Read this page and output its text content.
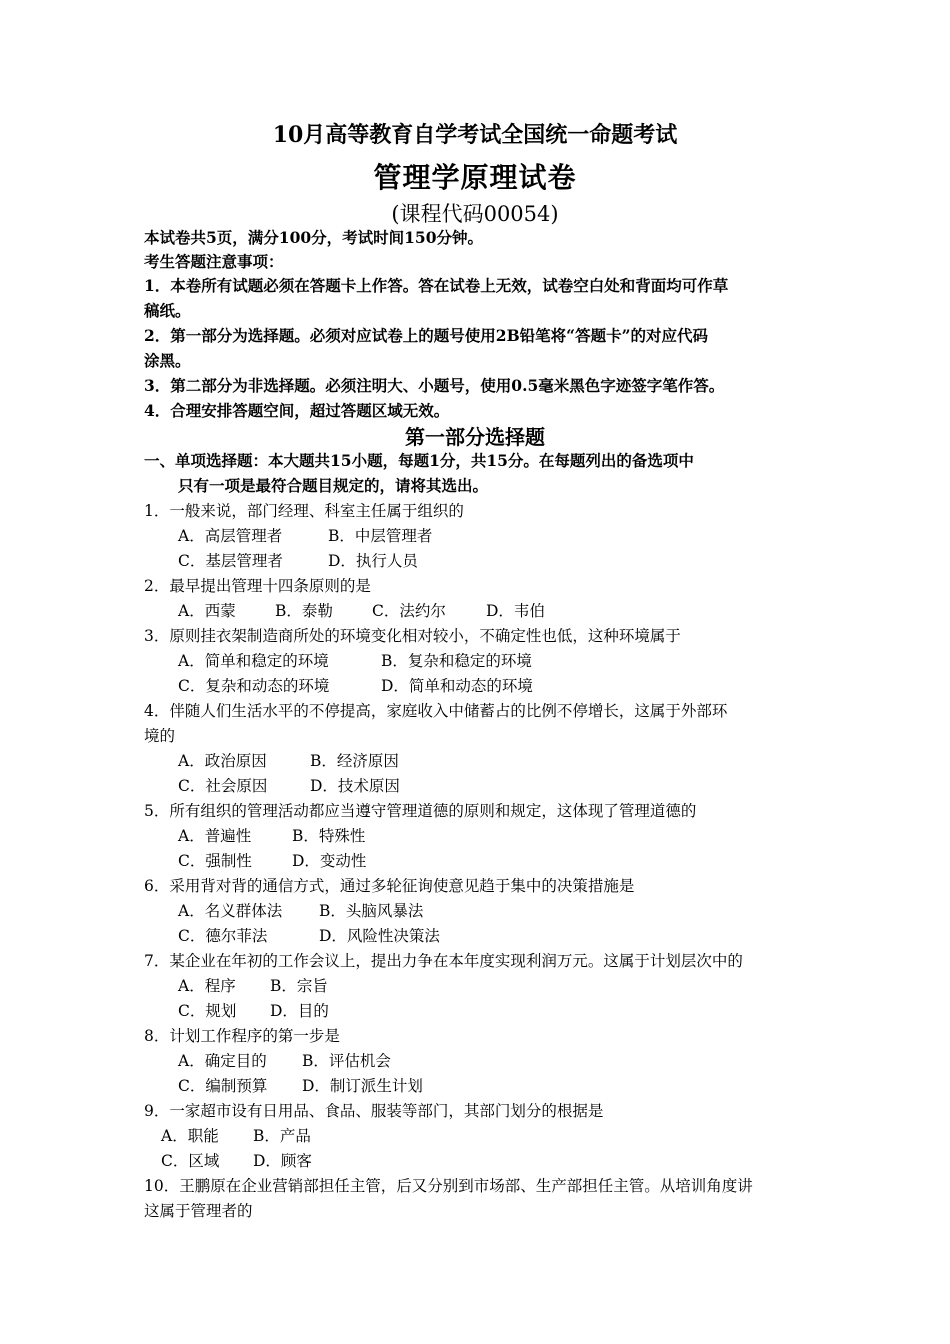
10月高等教育自学考试全国统一命题考试
管理学原理试卷
(课程代码00054)
本试卷共5页，满分100分，考试时间150分钟。
考生答题注意事项：
1．本卷所有试题必须在答题卡上作答。答在试卷上无效，试卷空白处和背面均可作草
稿纸。
2．第一部分为选择题。必须对应试卷上的题号使用2B铅笔将“答题卡”的对应代码
涂黑。
3．第二部分为非选择题。必须注明大、小题号，使用0.5毫米黑色字迹签字笔作答。
4．合理安排答题空间，超过答题区域无效。
第一部分选择题
一、单项选择题：本大题共15小题，每题1分，共15分。在每题列出的备选项中
只有一项是最符合题目规定的，请将其选出。
1．一般来说，部门经理、科室主任属于组织的
A．高层管理者	B．中层管理者
C．基层管理者	D．执行人员
2．最早提出管理十四条原则的是
A．西蒙	B．泰勒	C．法约尔	D．韦伯
3．原则挂衣架制造商所处的环境变化相对较小，不确定性也低，这种环境属于
A．简单和稳定的环境	B．复杂和稳定的环境
C．复杂和动态的环境	D．简单和动态的环境
4．伴随人们生活水平的不停提高，家庭收入中储蓄占的比例不停增长，这属于外部环
境的
A．政治原因	B．经济原因
C．社会原因	D．技术原因
5．所有组织的管理活动都应当遵守管理道德的原则和规定，这体现了管理道德的
A．普遍性	B．特殊性
C．强制性	D．变动性
6．采用背对背的通信方式，通过多轮征询使意见趋于集中的决策措施是
A．名义群体法 B．头脑风暴法
C．德尔菲法	D．风险性决策法
7．某企业在年初的工作会议上，提出力争在本年度实现利润万元。这属于计划层次中的
A．程序 B．宗旨
C．规划 D．目的
8．计划工作程序的第一步是
A．确定目的 B．评估机会
C．编制预算 D．制订派生计划
9．一家超市设有日用品、食品、服装等部门，其部门划分的根据是
A．职能 B．产品
C．区域 D．顾客
10．王鹏原在企业营销部担任主管，后又分别到市场部、生产部担任主管。从培训角度讲
这属于管理者的
